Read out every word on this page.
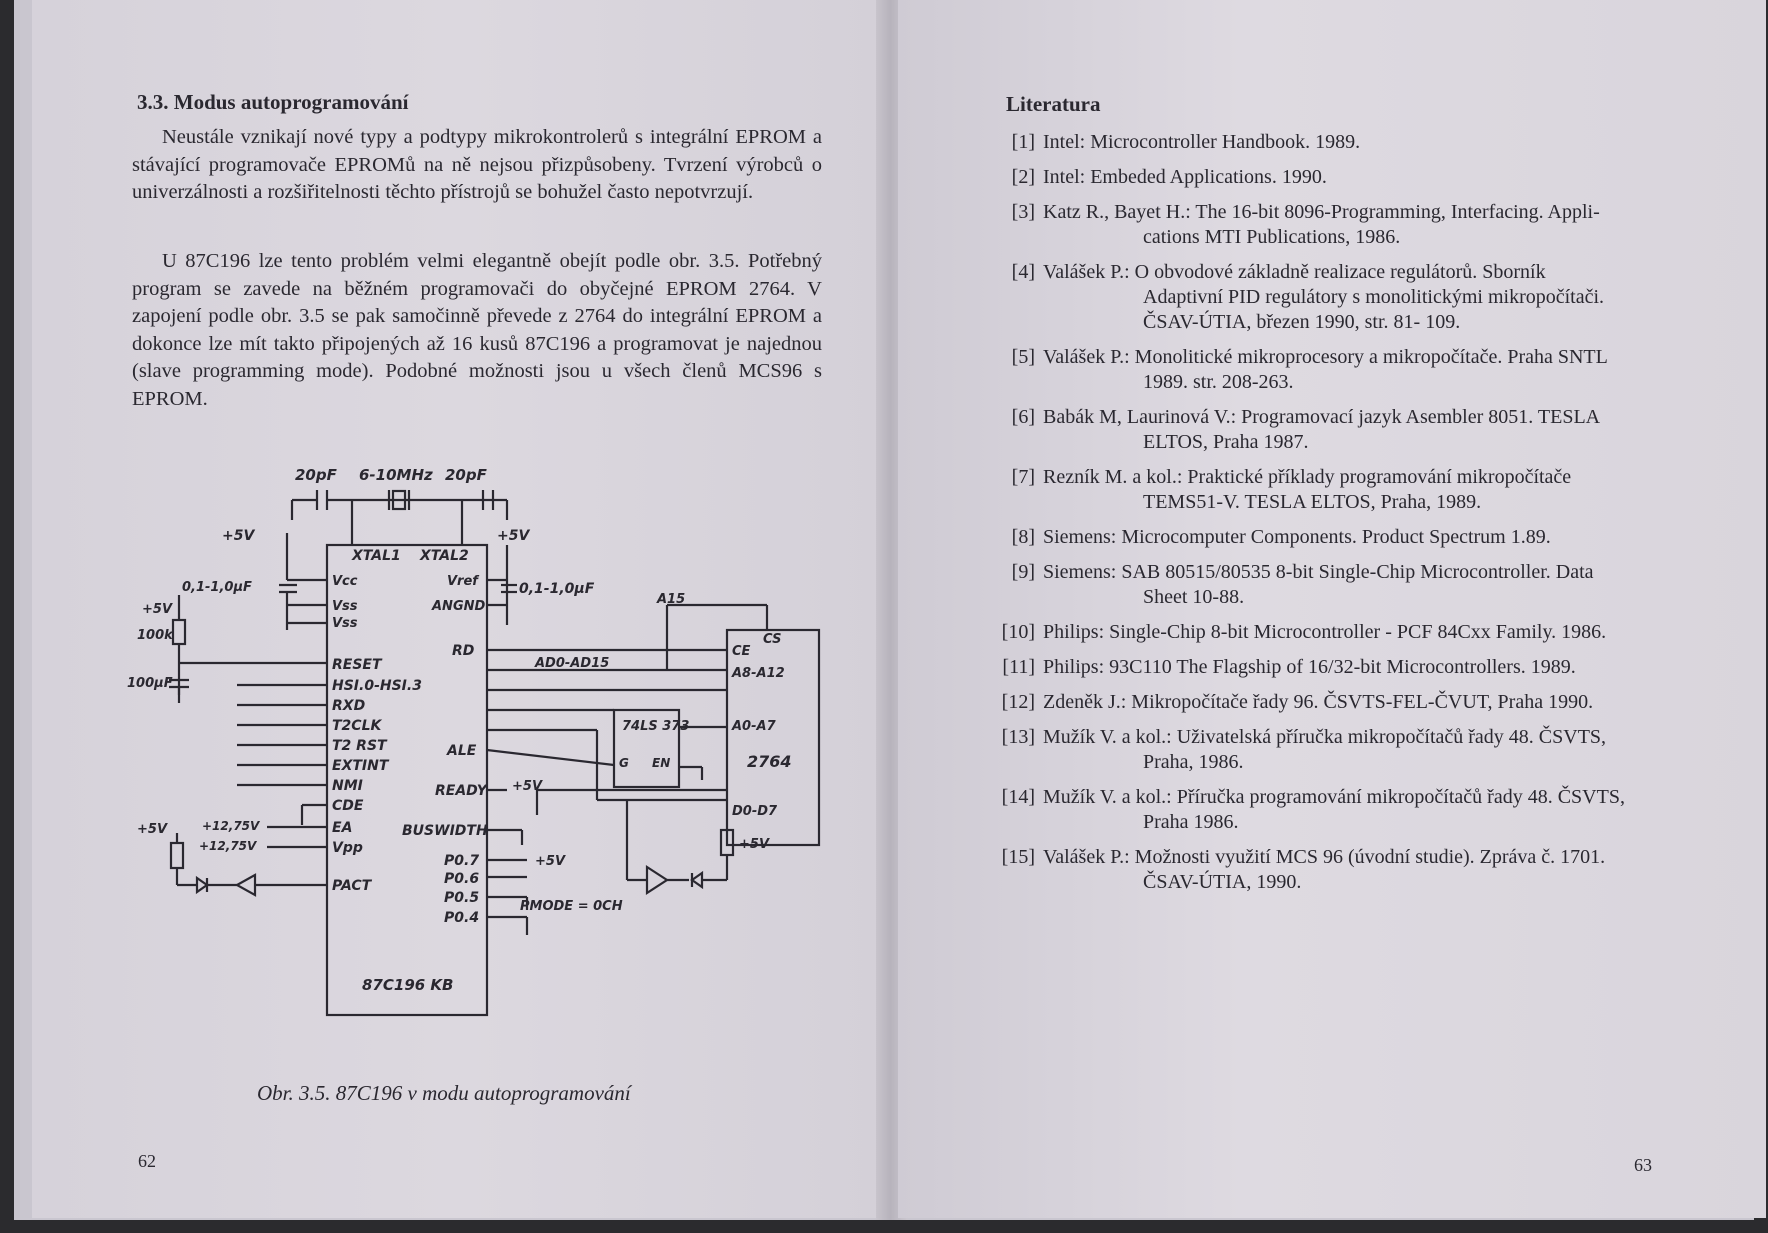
3.3. Modus autoprogramování

Neustále vznikají nové typy a podtypy mikrokontrolerů s integrální EPROM a stávající programovače EPROMů na ně nejsou přizpůsobeny. Tvrzení výrobců o univerzálnosti a rozšiřitelnosti těchto přístrojů se bohužel často nepotvrzují.

U 87C196 lze tento problém velmi elegantně obejít podle obr. 3.5. Potřebný program se zavede na běžném programovači do obyčejné EPROM 2764. V zapojení podle obr. 3.5 se pak samočinně převede z 2764 do integrální EPROM a dokonce lze mít takto připojených až 16 kusů 87C196 a programovat je najednou (slave programming mode). Podobné možnosti jsou u všech členů MCS96 s EPROM.

20pF 6-10MHz 20pF
+5V	+5V
XTAL1 XTAL2
0,1-1,0µF	0,1-1,0µF
+5V
100k
100µF
A15
AD0-AD15
Vcc
Vss
Vss
RESET
HSI.0-HSI.3
RXD
T2CLK
T2 RST
EXTINT
NMI
CDE
EA
Vpp
PACT
+5V	+12,75V
+12,75V
Vref
ANGND
RD
ALE
READY
BUSWIDTH
P0.7
P0.6
P0.5
P0.4
87C196 KB
+5V
+5V
+5V
PMODE = 0CH
74LS 373
G EN
CE
CS
A8-A12
A0-A7
2764
D0-D7

Obr. 3.5. 87C196 v modu autoprogramování

62

Literatura
[1] Intel: Microcontroller Handbook. 1989.
[2] Intel: Embeded Applications. 1990.
[3] Katz R., Bayet H.: The 16-bit 8096-Programming, Interfacing. Appli-
cations MTI Publications, 1986.
[4] Valášek P.: O obvodové základně realizace regulátorů. Sborník
Adaptivní PID regulátory s monolitickými mikropočítači.
ČSAV-ÚTIA, březen 1990, str. 81- 109.
[5] Valášek P.: Monolitické mikroprocesory a mikropočítače. Praha SNTL
1989. str. 208-263.
[6] Babák M, Laurinová V.: Programovací jazyk Asembler 8051. TESLA
ELTOS, Praha 1987.
[7] Rezník M. a kol.: Praktické příklady programování mikropočítače
TEMS51-V. TESLA ELTOS, Praha, 1989.
[8] Siemens: Microcomputer Components. Product Spectrum 1.89.
[9] Siemens: SAB 80515/80535 8-bit Single-Chip Microcontroller. Data
Sheet 10-88.
[10] Philips: Single-Chip 8-bit Microcontroller - PCF 84Cxx Family. 1986.
[11] Philips: 93C110 The Flagship of 16/32-bit Microcontrollers. 1989.
[12] Zdeněk J.: Mikropočítače řady 96. ČSVTS-FEL-ČVUT, Praha 1990.
[13] Mužík V. a kol.: Uživatelská příručka mikropočítačů řady 48. ČSVTS,
Praha, 1986.
[14] Mužík V. a kol.: Příručka programování mikropočítačů řady 48. ČSVTS,
Praha 1986.
[15] Valášek P.: Možnosti využití MCS 96 (úvodní studie). Zpráva č. 1701.
ČSAV-ÚTIA, 1990.

63
